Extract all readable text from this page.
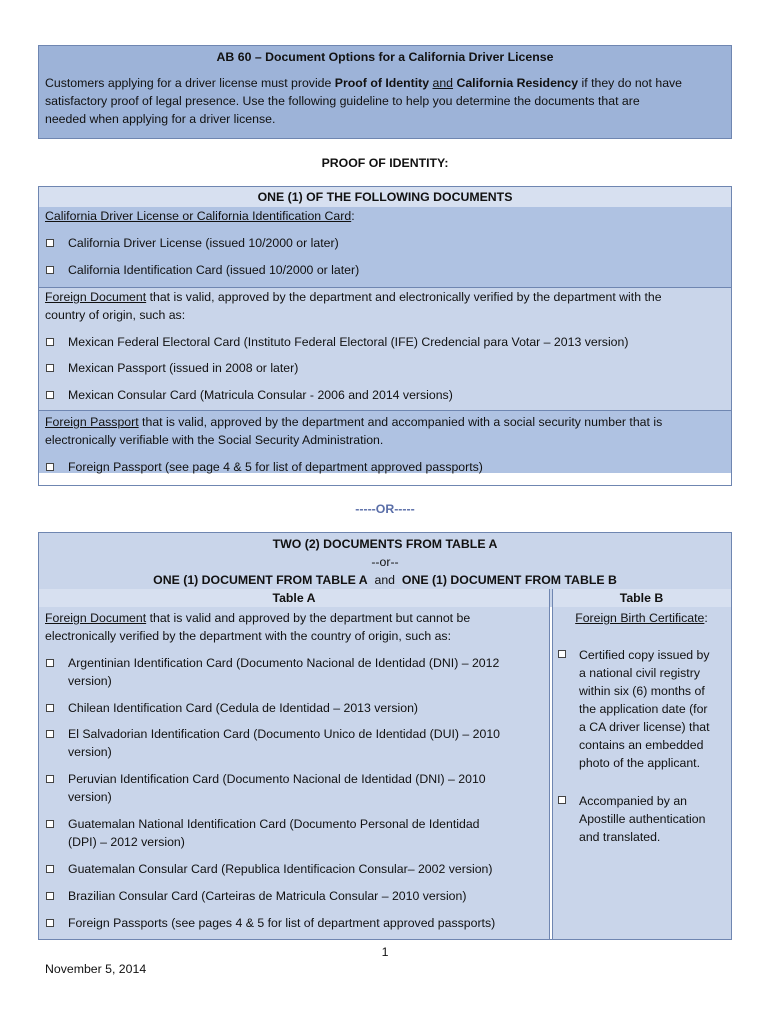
AB 60 – Document Options for a California Driver License
Customers applying for a driver license must provide Proof of Identity and California Residency if they do not have
satisfactory proof of legal presence. Use the following guideline to help you determine the documents that are
needed when applying for a driver license.
PROOF OF IDENTITY:
ONE (1) OF THE FOLLOWING DOCUMENTS
California Driver License or California Identification Card:
California Driver License (issued 10/2000 or later)
California Identification Card (issued 10/2000 or later)
Foreign Document that is valid, approved by the department and electronically verified by the department with the
country of origin, such as:
Mexican Federal Electoral Card (Instituto Federal Electoral (IFE) Credencial para Votar – 2013 version)
Mexican Passport (issued in 2008 or later)
Mexican Consular Card (Matricula Consular - 2006 and 2014 versions)
Foreign Passport that is valid, approved by the department and accompanied with a social security number that is
electronically verifiable with the Social Security Administration.
Foreign Passport (see page 4 & 5 for list of department approved passports)
-----OR-----
TWO (2) DOCUMENTS FROM TABLE A
--or--
ONE (1) DOCUMENT FROM TABLE A and ONE (1) DOCUMENT FROM TABLE B
Table A	Table B
Foreign Document that is valid and approved by the department but cannot be
electronically verified by the department with the country of origin, such as:
Argentinian Identification Card (Documento Nacional de Identidad (DNI) – 2012
version)
Chilean Identification Card (Cedula de Identidad – 2013 version)
El Salvadorian Identification Card (Documento Unico de Identidad (DUI) – 2010
version)
Peruvian Identification Card (Documento Nacional de Identidad (DNI) – 2010
version)
Guatemalan National Identification Card (Documento Personal de Identidad
(DPI) – 2012 version)
Guatemalan Consular Card (Republica Identificacion Consular– 2002 version)
Brazilian Consular Card (Carteiras de Matricula Consular – 2010 version)
Foreign Passports (see pages 4 & 5 for list of department approved passports)
Foreign Birth Certificate:
Certified copy issued by
a national civil registry
within six (6) months of
the application date (for
a CA driver license) that
contains an embedded
photo of the applicant.
Accompanied by an
Apostille authentication
and translated.
1
November 5, 2014
